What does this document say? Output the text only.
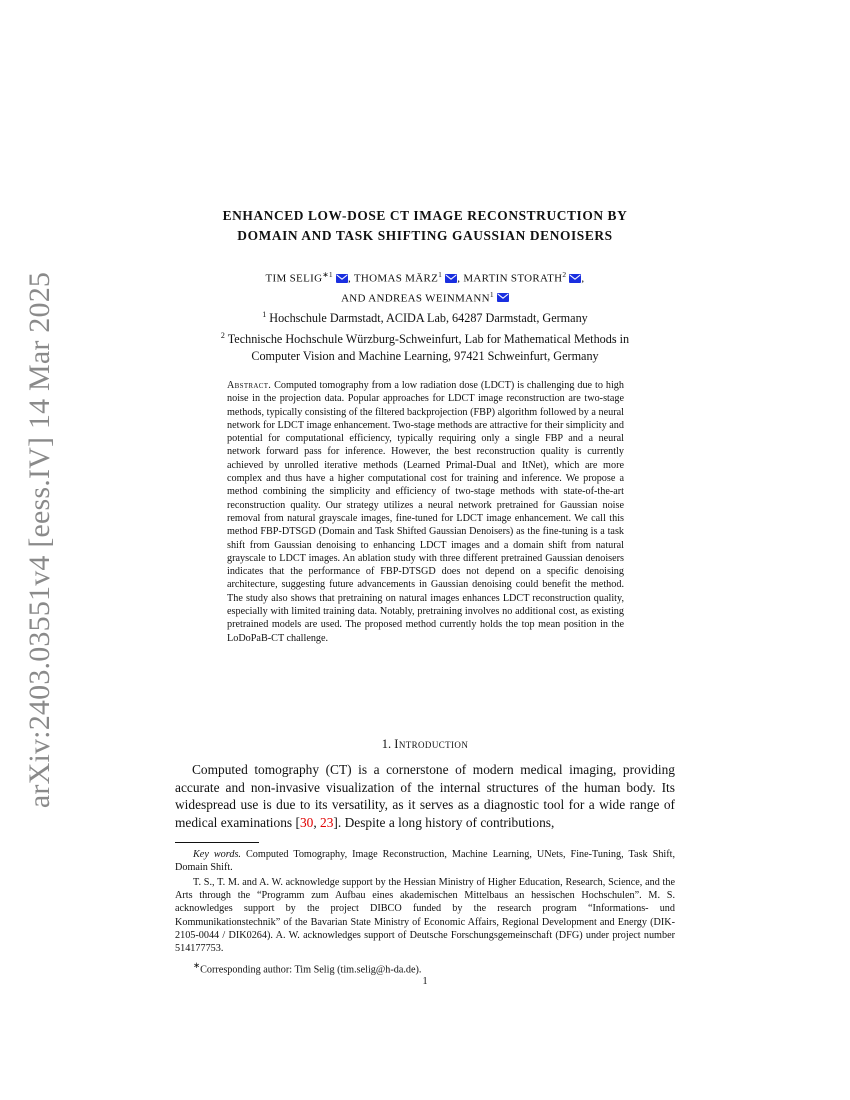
arXiv:2403.03551v4 [eess.IV] 14 Mar 2025
ENHANCED LOW-DOSE CT IMAGE RECONSTRUCTION BY
DOMAIN AND TASK SHIFTING GAUSSIAN DENOISERS
TIM $SELIG^{∗1}$ , THOMAS MÄRZ$^1$ , MARTIN STORATH$^2$ ,
AND ANDREAS WEINMANN$^1$
$^1$ Hochschule Darmstadt, ACIDA Lab, 64287 Darmstadt, Germany
$^2$ Technische Hochschule Würzburg-Schweinfurt, Lab for Mathematical Methods in
Computer Vision and Machine Learning, 97421 Schweinfurt, Germany
Abstract. Computed tomography from a low radiation dose (LDCT) is challenging due to high noise in the projection data. Popular approaches for LDCT image reconstruction are two-stage methods, typically consisting of the filtered backprojection (FBP) algorithm followed by a neural network for LDCT image enhancement. Two-stage methods are attractive for their simplicity and potential for computational efficiency, typically requiring only a single FBP and a neural network forward pass for inference. However, the best reconstruction quality is currently achieved by unrolled iterative methods (Learned Primal-Dual and ItNet), which are more complex and thus have a higher computational cost for training and inference. We propose a method combining the simplicity and efficiency of two-stage methods with state-of-the-art reconstruction quality. Our strategy utilizes a neural network pretrained for Gaussian noise removal from natural grayscale images, fine-tuned for LDCT image enhancement. We call this method FBP-DTSGD (Domain and Task Shifted Gaussian Denoisers) as the fine-tuning is a task shift from Gaussian denoising to enhancing LDCT images and a domain shift from natural grayscale to LDCT images. An ablation study with three different pretrained Gaussian denoisers indicates that the performance of FBP-DTSGD does not depend on a specific denoising architecture, suggesting future advancements in Gaussian denoising could benefit the method. The study also shows that pretraining on natural images enhances LDCT reconstruction quality, especially with limited training data. Notably, pretraining involves no additional cost, as existing pretrained models are used. The proposed method currently holds the top mean position in the LoDoPaB-CT challenge.
1. Introduction
Computed tomography (CT) is a cornerstone of modern medical imaging, providing accurate and non-invasive visualization of the internal structures of the human body. Its widespread use is due to its versatility, as it serves as a diagnostic tool for a wide range of medical examinations [30, 23]. Despite a long history of contributions,

Key words. Computed Tomography, Image Reconstruction, Machine Learning, UNets, Fine-Tuning, Task Shift, Domain Shift.

T. S., T. M. and A. W. acknowledge support by the Hessian Ministry of Higher Education, Research, Science, and the Arts through the “Programm zum Aufbau eines akademischen Mittelbaus an hessischen Hochschulen”. M. S. acknowledges support by the project DIBCO funded by the research program “Informations- und Kommunikationstechnik” of the Bavarian State Ministry of Economic Affairs, Regional Development and Energy (DIK-2105-0044 / DIK0264). A. W. acknowledges support of Deutsche Forschungsgemeinschaft (DFG) under project number 514177753.

∗Corresponding author: Tim Selig (tim.selig@h-da.de).

1
